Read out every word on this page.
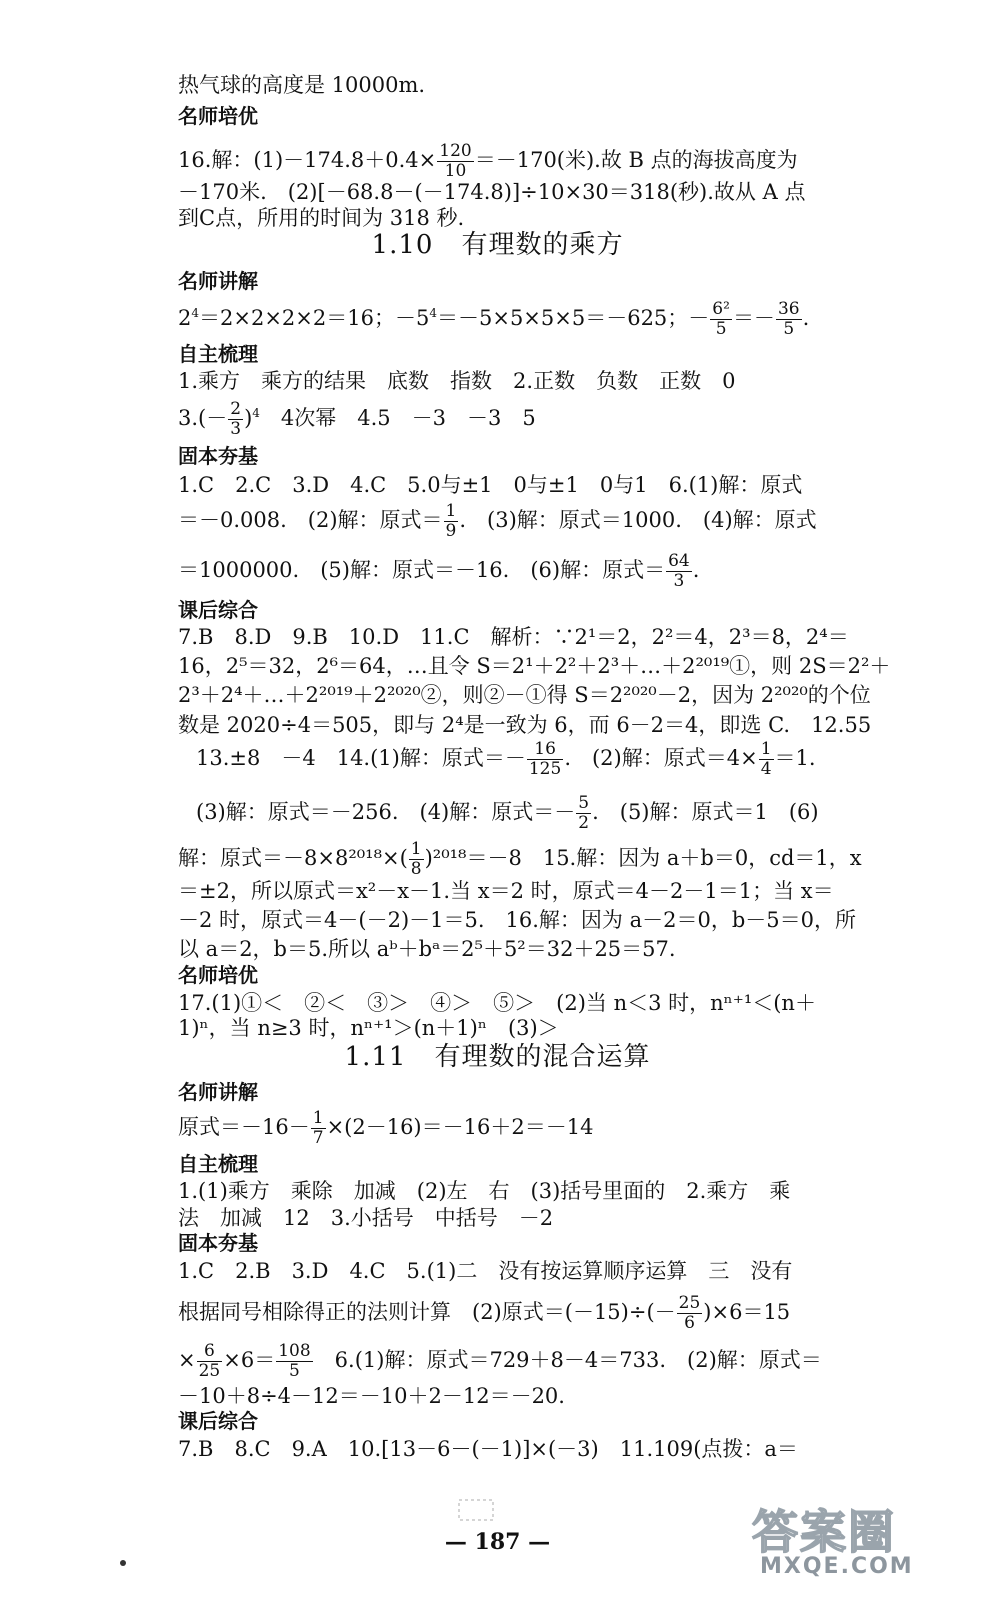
热气球的高度是 10000m.
名师培优
16.解：$(1)-174.8+0.4\times \frac{120}{10} =-170$(米).故 B 点的海拔高度为
－170米.　(2)[－68.8－(－174.8)]÷10×30＝318(秒).故从 A 点
到C点，所用的时间为 318 秒.
1.10 有理数的乘方
名师讲解
$2^4=2\times 2\times 2\times 2=16$；$-5^4=-5\times 5\times 5\times 5=-625$；－ $\frac{\text{6²}}{5} =- \frac{36}{5}$ .
自主梳理
1.乘方　乘方的结果　底数　指数　2.正数　负数　正数　0
$3.(- \frac{2}{3} )^4$　4次幂　4.5　－3　－3　5
固本夯基
1.C　2.C　3.D　4.C　5.0与±1　0与±1　0与1　6.(1)解：原式
＝－0.008.　(2)解：原式＝ $\frac{1}{9}$ .　(3)解：原式＝1000.　(4)解：原式
＝1000000.　(5)解：原式＝－16.　(6)解：原式＝ $\frac{64}{3}$ .
课后综合
7.B　8.D　9.B　10.D　11.C　解析：∵2¹＝2，2²＝4，2³＝8，2⁴＝
16，2⁵＝32，2⁶＝64，…且令 S＝2¹＋2²＋2³＋…＋2²⁰¹⁹①，则 2S＝2²＋
2³＋2⁴＋…＋2²⁰¹⁹＋2²⁰²⁰②，则②－①得 S＝2²⁰²⁰－2，因为 2²⁰²⁰的个位
数是 2020÷4＝505，即与 2⁴是一致为 6，而 6－2＝4，即选 C.　12.55
13.±8　－4　14.(1)解：原式＝－ $\frac{16}{125}$ .　(2)解：原式$=4\times \frac{1}{4} =1$.
(3)解：原式＝－256.　(4)解：原式＝－ $\frac{5}{2}$ .　(5)解：原式＝1　(6)
解：原式$=-8\times 8^{2018}\times( \frac{1}{8} )^{2018}=-8$　15.解：因为 a＋b＝0，cd＝1，x
＝±2，所以原式＝x²－x－1.当 x＝2 时，原式＝4－2－1＝1；当 x＝
－2 时，原式＝4－(－2)－1＝5.　16.解：因为 a－2＝0，b－5＝0，所
以 a＝2，b＝5.所以 aᵇ＋bᵃ＝2⁵＋5²＝32＋25＝57.
名师培优
17.(1)①＜　②＜　③＞　④＞　⑤＞　(2)当 n＜3 时，nⁿ⁺¹＜(n＋
1)ⁿ，当 n≥3 时，nⁿ⁺¹＞(n＋1)ⁿ　(3)＞
1.11 有理数的混合运算
名师讲解
原式$=-16- \frac{1}{7} \times(2-16)=-16+2=-14$
自主梳理
1.(1)乘方　乘除　加减　(2)左　右　(3)括号里面的　2.乘方　乘
法　加减　12　3.小括号　中括号　－2
固本夯基
1.C　2.B　3.D　4.C　5.(1)二　没有按运算顺序运算　三　没有
根据同号相除得正的法则计算　(2)原式$=(-15)\div(- \frac{25}{6} )\times 6=15$
× $\frac{6}{25} \times 6= \frac{108}{5}$ 　6.(1)解：原式＝729＋8－4＝733.　(2)解：原式＝
－10＋8÷4－12＝－10＋2－12＝－20.
课后综合
7.B　8.C　9.A　10.[13－6－(－1)]×(－3)　11.109(点拨：a＝
— 187 —	答案圈
MXQE.COM
